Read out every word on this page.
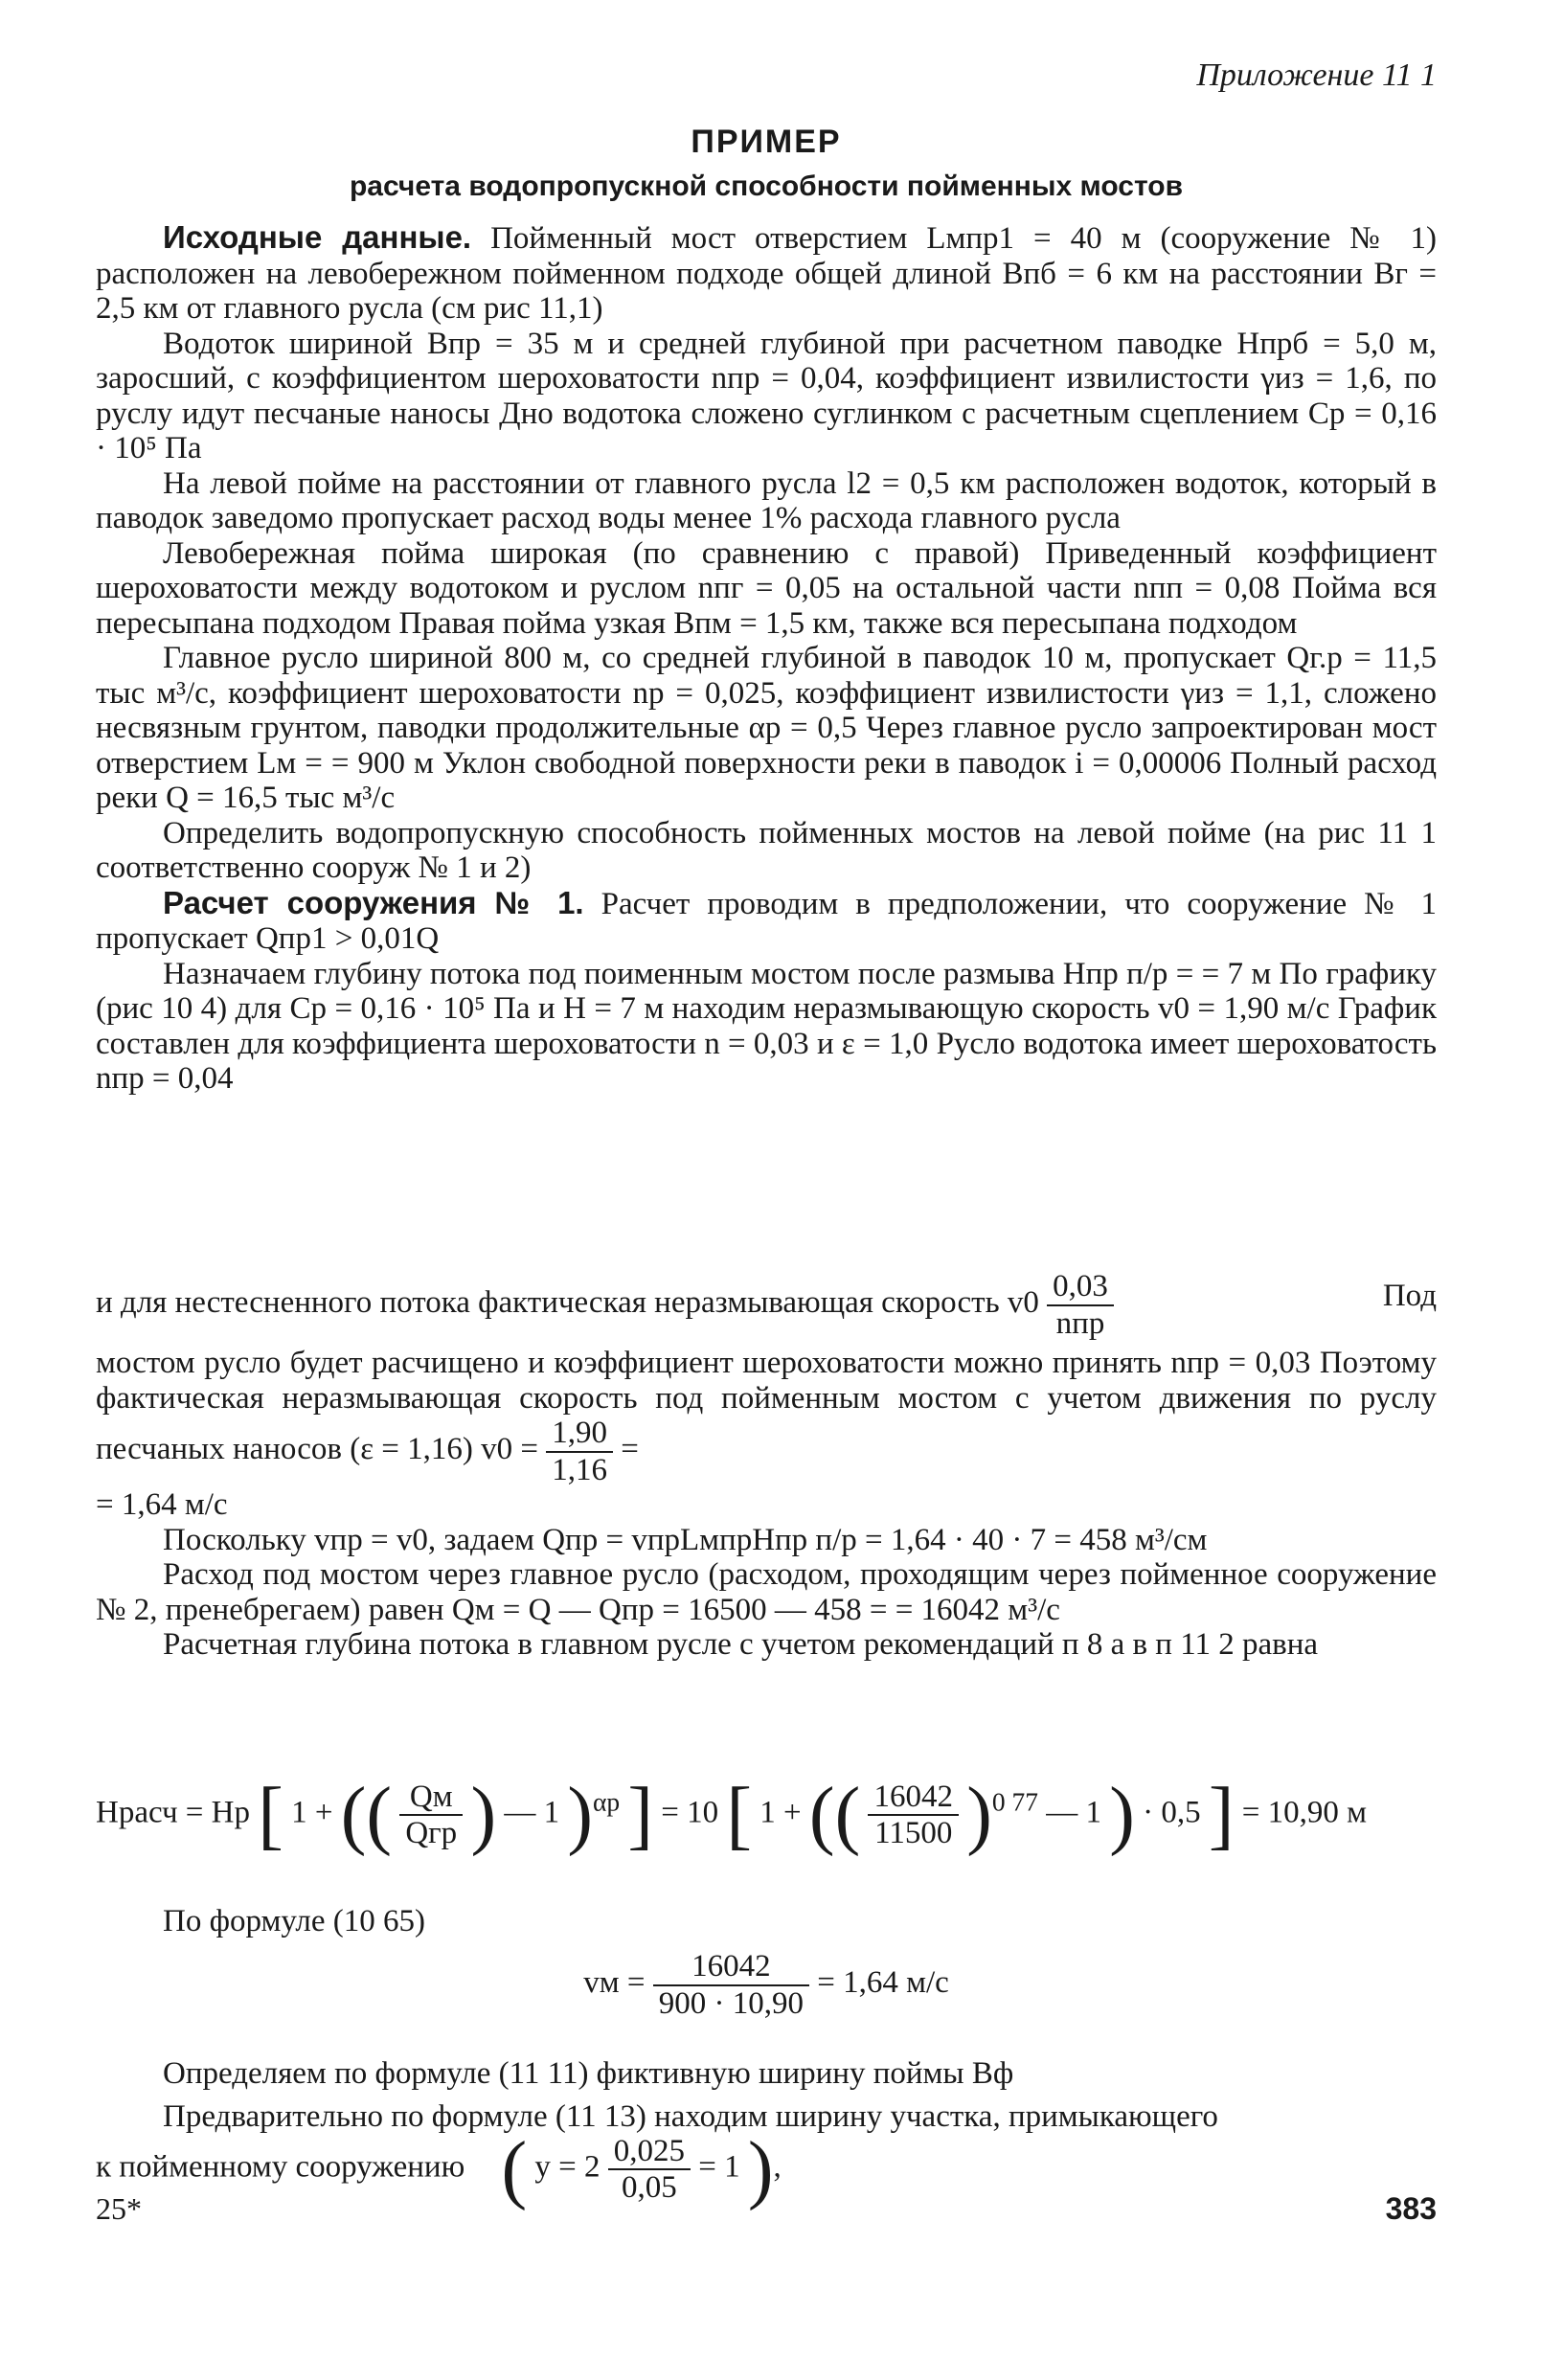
Приложение 11 1
ПРИМЕР
расчета водопропускной способности пойменных мостов

Исходные данные. Пойменный мост отверстием Lмпр1 = 40 м (сооружение № 1) расположен на левобережном пойменном подходе общей длиной Bпб = 6 км на расстоянии Bг = 2,5 км от главного русла (см рис 11,1)

Водоток шириной Bпр = 35 м и средней глубиной при расчетном паводке Hпрб = 5,0 м, заросший, с коэффициентом шероховатости nпр = 0,04, коэффициент извилистости γиз = 1,6, по руслу идут песчаные наносы Дно водотока сложено суглинком с расчетным сцеплением Cр = 0,16 · 10⁵ Па

На левой пойме на расстоянии от главного русла l2 = 0,5 км расположен водоток, который в паводок заведомо пропускает расход воды менее 1% расхода главного русла

Левобережная пойма широкая (по сравнению с правой) Приведенный коэффициент шероховатости между водотоком и руслом nпг = 0,05 на остальной части nпп = 0,08 Пойма вся пересыпана подходом Правая пойма узкая Bпм = 1,5 км, также вся пересыпана подходом

Главное русло шириной 800 м, со средней глубиной в паводок 10 м, пропускает Qг.р = 11,5 тыс м³/с, коэффициент шероховатости nр = 0,025, коэффициент извилистости γиз = 1,1, сложено несвязным грунтом, паводки продолжительные αр = 0,5 Через главное русло запроектирован мост отверстием Lм = = 900 м Уклон свободной поверхности реки в паводок i = 0,00006 Полный расход реки Q = 16,5 тыс м³/с

Определить водопропускную способность пойменных мостов на левой пойме (на рис 11 1 соответственно сооруж № 1 и 2)

Расчет сооружения № 1. Расчет проводим в предположении, что сооружение № 1 пропускает Qпр1 > 0,01Q

Назначаем глубину потока под поименным мостом после размыва Hпр п/р = = 7 м По графику (рис 10 4) для Cр = 0,16 · 10⁵ Па и H = 7 м находим неразмывающую скорость v0 = 1,90 м/с График составлен для коэффициента шероховатости n = 0,03 и ε = 1,0 Русло водотока имеет шероховатость nпр = 0,04

и для нестесненного потока фактическая неразмывающая скорость $v0 \frac{0,03}{\text{nпр}}$	Под

мостом русло будет расчищено и коэффициент шероховатости можно принять nпр = 0,03 Поэтому фактическая неразмывающая скорость под пойменным мостом с учетом движения по руслу песчаных наносов (ε = 1,16) $v0 = \frac{1,90}{1,16}$ =

= 1,64 м/с

Поскольку vпр = v0, задаем Qпр = vпрLмпрHпр п/р = 1,64 · 40 · 7 = 458 м³/см

Расход под мостом через главное русло (расходом, проходящим через пойменное сооружение № 2, пренебрегаем) равен Qм = Q — Qпр = 16500 — 458 = = 16042 м³/с

Расчетная глубина потока в главном русле с учетом рекомендаций п 8 а в п 11 2 равна

Hрасч = Hр [ 1 + (( $\frac{Qм}{\text{Qгр}}$ ) — 1 )$^{\alpha р}$ ] = 10 [ 1 + (( $\frac{16042}{11500} )^{0 77}$ — 1 ) · 0,5 ] = 10,90 м

По формуле (10 65)

vм = $\frac{16042}{900 \cdot 10,90} = 1,64$ м/с

Определяем по формуле (11 11) фиктивную ширину поймы Bф

Предварительно по формуле (11 13) находим ширину участка, примыкающего

к пойменному сооружению ( $y = 2 \frac{0,025}{0,05} = 1$ ),
25*	383
